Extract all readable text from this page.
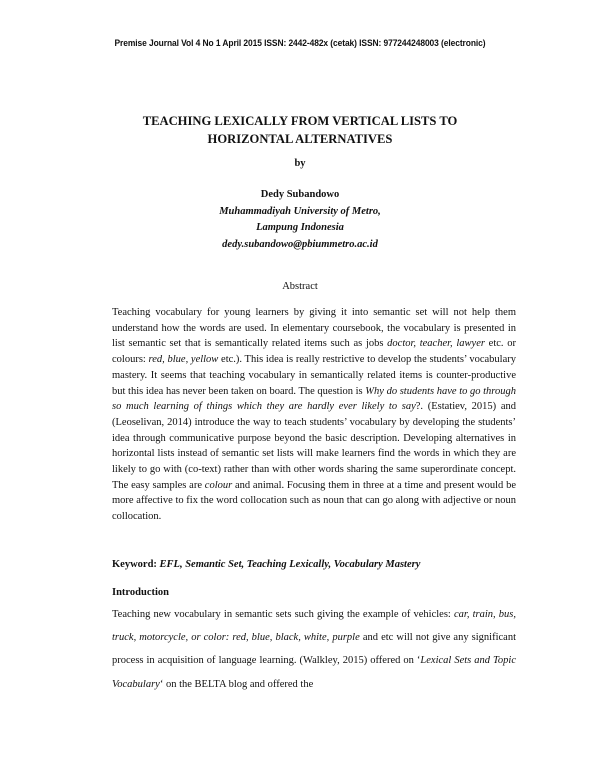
Premise Journal Vol 4 No 1 April 2015 ISSN: 2442-482x (cetak) ISSN: 977244248003 (electronic)
TEACHING LEXICALLY FROM VERTICAL LISTS TO
HORIZONTAL ALTERNATIVES
by
Dedy Subandowo
Muhammadiyah University of Metro,
Lampung Indonesia
dedy.subandowo@pbiummetro.ac.id
Abstract

Teaching vocabulary for young learners by giving it into semantic set will not help them understand how the words are used. In elementary coursebook, the vocabulary is presented in list semantic set that is semantically related items such as jobs doctor, teacher, lawyer etc. or colours: red, blue, yellow etc.). This idea is really restrictive to develop the students’ vocabulary mastery. It seems that teaching vocabulary in semantically related items is counter-productive but this idea has never been taken on board. The question is Why do students have to go through so much learning of things which they are hardly ever likely to say?. (Estatiev, 2015) and (Leoselivan, 2014) introduce the way to teach students’ vocabulary by developing the students’ idea through communicative purpose beyond the basic description. Developing alternatives in horizontal lists instead of semantic set lists will make learners find the words in which they are likely to go with (co-text) rather than with other words sharing the same superordinate concept. The easy samples are colour and animal. Focusing them in three at a time and present would be more affective to fix the word collocation such as noun that can go along with adjective or noun collocation.

Keyword: EFL, Semantic Set, Teaching Lexically, Vocabulary Mastery
Introduction

Teaching new vocabulary in semantic sets such giving the example of vehicles: car, train, bus, truck, motorcycle, or color: red, blue, black, white, purple and etc will not give any significant process in acquisition of language learning. (Walkley, 2015) offered on ‘Lexical Sets and Topic Vocabulary‘ on the BELTA blog and offered the
